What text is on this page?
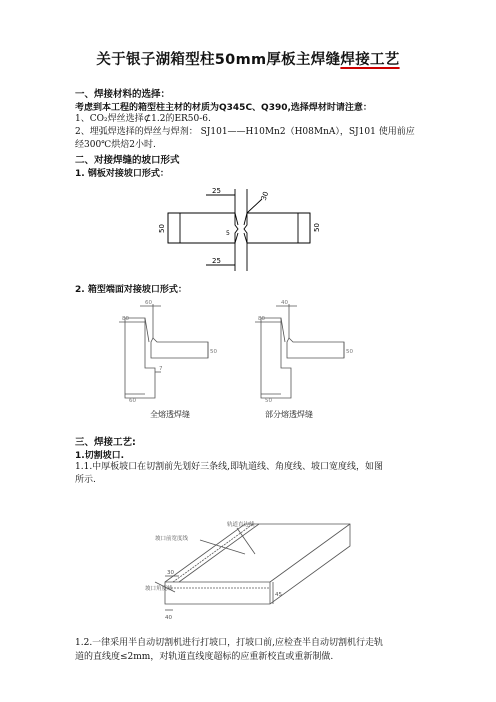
关于银子湖箱型柱50mm厚板主焊缝焊接工艺
一、焊接材料的选择：
考虑到本工程的箱型柱主材的材质为Q345C、Q390,选择焊材时请注意：
1、CO₂焊丝选择⊄1.2的ER50-6.
2、埋弧焊选择的焊丝与焊剂： SJ101——H10Mn2（H08MnA），SJ101 使用前应
经300℃烘焙2小时.
二、对接焊缝的坡口形式
1. 钢板对接坡口形式：
25
25
50	50
30
5
2. 箱型端面对接坡口形式：
60
80
50
60
7
40
80
50
50
全熔透焊缝	部分熔透焊缝
三、焊接工艺:
1.切割坡口.
1.1.中厚板坡口在切割前先划好三条线,即轨道线、角度线、坡口宽度线，如图
所示.
轨道直边线
坡口前宽度线
坡口角度线
30
45
40
1.2.一律采用半自动切割机进行打坡口，打坡口前,应检查半自动切割机行走轨
道的直线度≤2mm，对轨道直线度超标的应重新校直或重新制做.
